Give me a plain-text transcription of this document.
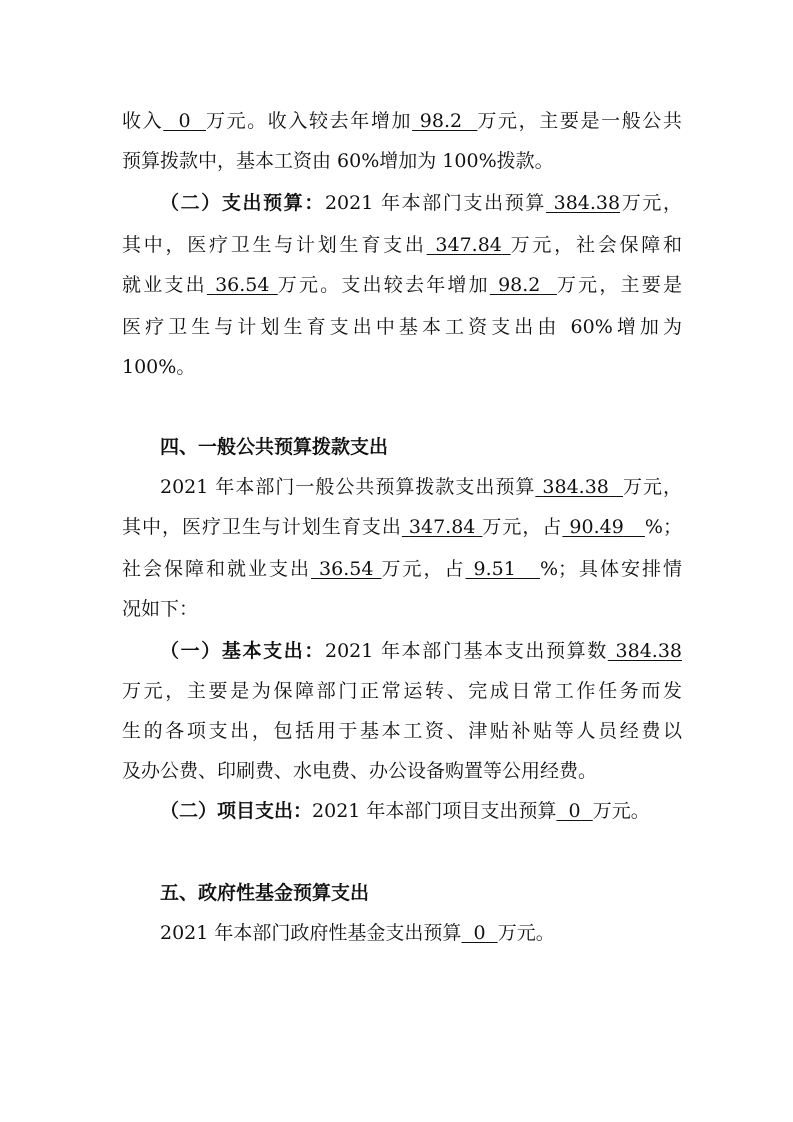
收入 0 万元。收入较去年增加 98.2 万元，主要是一般公共
预算拨款中，基本工资由 60%增加为 100%拨款。
（二）支出预算：2021 年本部门支出预算 384.38万元，
其中，医疗卫生与计划生育支出 347.84 万元，社会保障和
就业支出 36.54 万元。支出较去年增加 98.2 万元，主要是
医疗卫生与计划生育支出中基本工资支出由 60%增加为
100%。
四、一般公共预算拨款支出
2021 年本部门一般公共预算拨款支出预算 384.38 万元，
其中，医疗卫生与计划生育支出 347.84 万元，占 90.49 %；
社会保障和就业支出 36.54 万元，占 9.51 %；具体安排情
况如下：
（一）基本支出：2021 年本部门基本支出预算数 384.38
万元，主要是为保障部门正常运转、完成日常工作任务而发
生的各项支出，包括用于基本工资、津贴补贴等人员经费以
及办公费、印刷费、水电费、办公设备购置等公用经费。
（二）项目支出：2021 年本部门项目支出预算 0 万元。
五、政府性基金预算支出
2021 年本部门政府性基金支出预算 0 万元。
